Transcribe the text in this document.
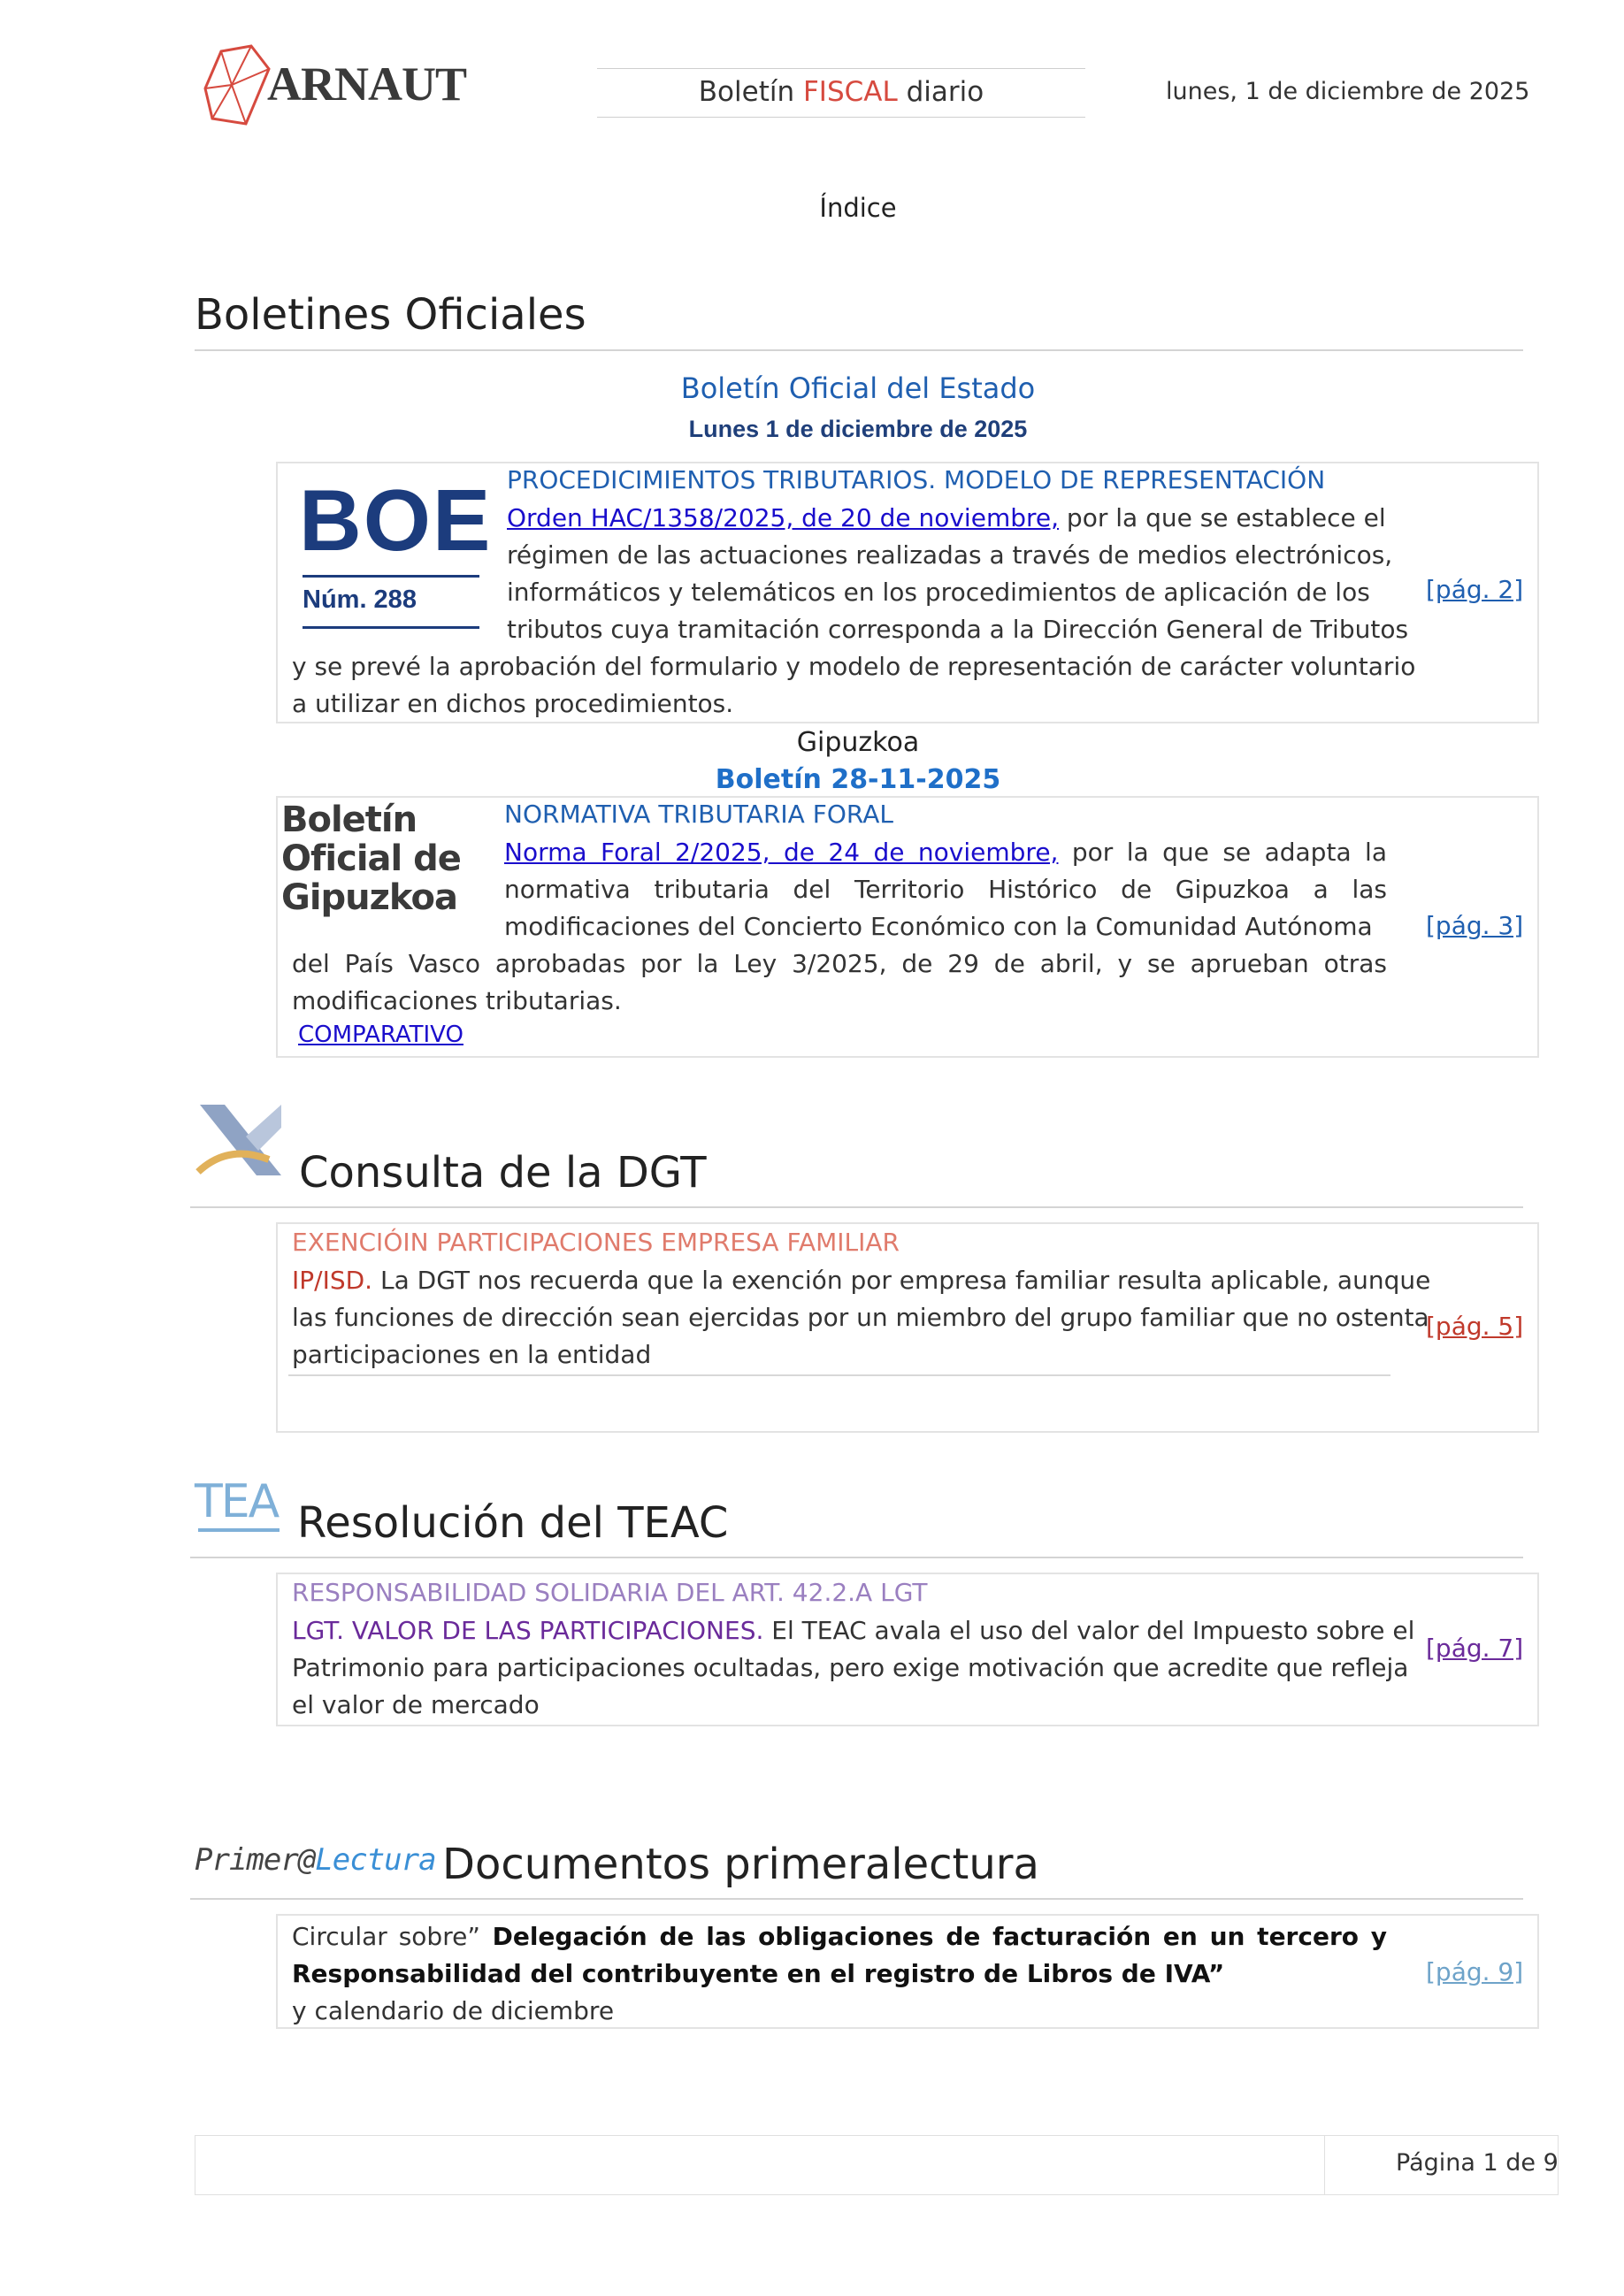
ARNAUT	Boletín FISCAL diario	lunes, 1 de diciembre de 2025
Índice
Boletines Oficiales
Boletín Oficial del Estado
Lunes 1 de diciembre de 2025
BOE
Núm. 288
PROCEDICIMIENTOS TRIBUTARIOS. MODELO DE REPRESENTACIÓN
Orden HAC/1358/2025, de 20 de noviembre, por la que se establece el
régimen de las actuaciones realizadas a través de medios electrónicos,
informáticos y telemáticos en los procedimientos de aplicación de los
tributos cuya tramitación corresponda a la Dirección General de Tributos
y se prevé la aprobación del formulario y modelo de representación de carácter voluntario
a utilizar en dichos procedimientos.
[pág. 2]
Gipuzkoa
Boletín 28-11-2025
Boletín
Oficial de
Gipuzkoa
NORMATIVA TRIBUTARIA FORAL
Norma Foral 2/2025, de 24 de noviembre, por la que se adapta la
normativa tributaria del Territorio Histórico de Gipuzkoa a las
modificaciones del Concierto Económico con la Comunidad Autónoma
del País Vasco aprobadas por la Ley 3/2025, de 29 de abril, y se aprueban otras
modificaciones tributarias.
COMPARATIVO
[pág. 3]
Consulta de la DGT
EXENCIÓIN PARTICIPACIONES EMPRESA FAMILIAR
IP/ISD. La DGT nos recuerda que la exención por empresa familiar resulta aplicable, aunque
las funciones de dirección sean ejercidas por un miembro del grupo familiar que no ostenta
participaciones en la entidad
[pág. 5]
TEA Resolución del TEAC
RESPONSABILIDAD SOLIDARIA DEL ART. 42.2.A LGT
LGT. VALOR DE LAS PARTICIPACIONES. El TEAC avala el uso del valor del Impuesto sobre el
Patrimonio para participaciones ocultadas, pero exige motivación que acredite que refleja
el valor de mercado
[pág. 7]
Primer@Lectura Documentos primeralectura
Circular sobre” Delegación de las obligaciones de facturación en un tercero y
Responsabilidad del contribuyente en el registro de Libros de IVA”
y calendario de diciembre
[pág. 9]
Página 1 de 9
